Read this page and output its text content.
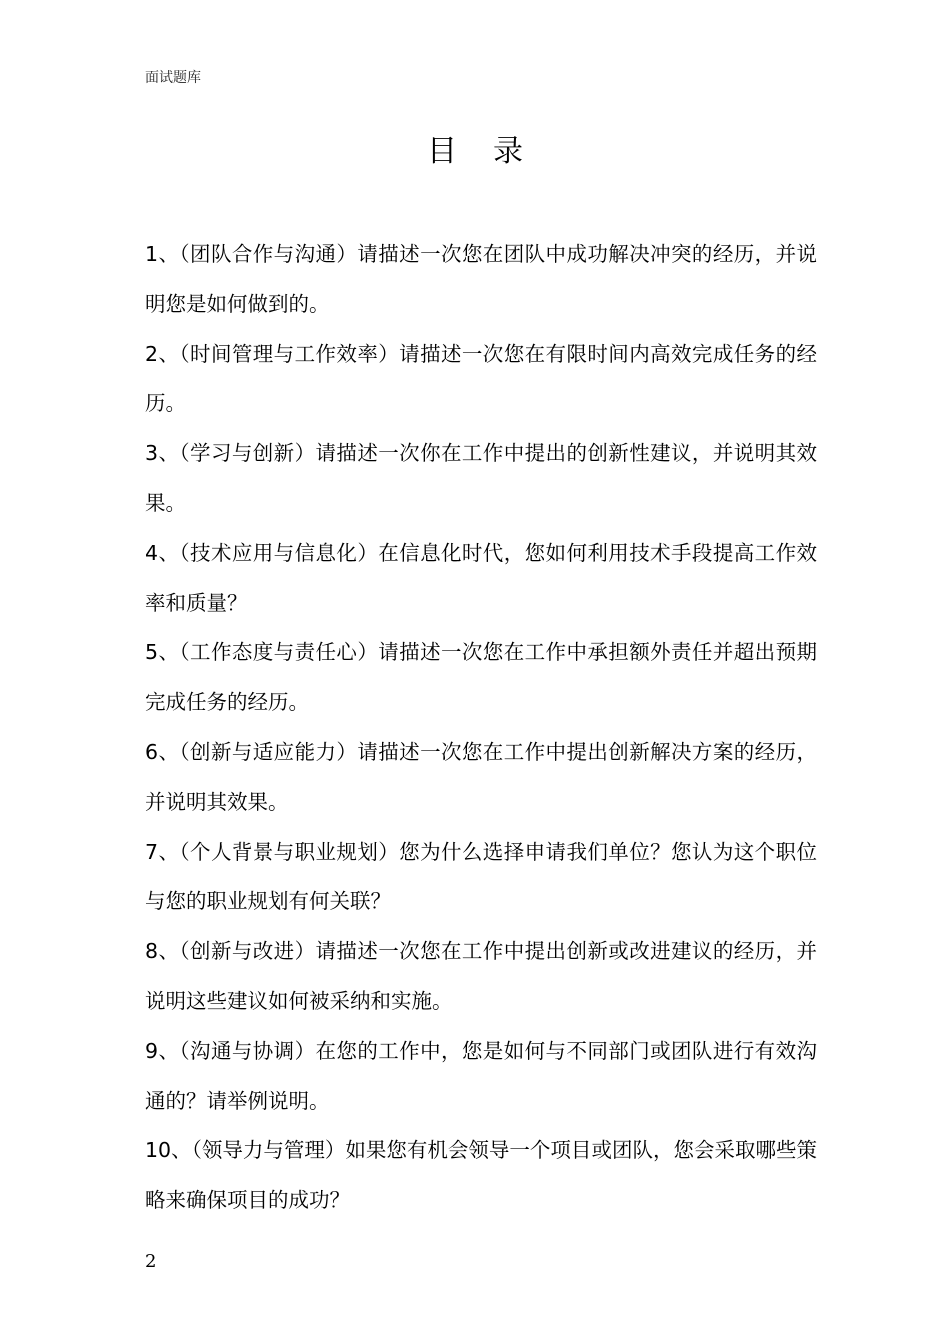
面试题库
目录
1、（团队合作与沟通）请描述一次您在团队中成功解决冲突的经历，并说明您是如何做到的。
2、（时间管理与工作效率）请描述一次您在有限时间内高效完成任务的经历。
3、（学习与创新）请描述一次你在工作中提出的创新性建议，并说明其效果。
4、（技术应用与信息化）在信息化时代，您如何利用技术手段提高工作效率和质量？
5、（工作态度与责任心）请描述一次您在工作中承担额外责任并超出预期完成任务的经历。
6、（创新与适应能力）请描述一次您在工作中提出创新解决方案的经历，并说明其效果。
7、（个人背景与职业规划）您为什么选择申请我们单位？您认为这个职位与您的职业规划有何关联？
8、（创新与改进）请描述一次您在工作中提出创新或改进建议的经历，并说明这些建议如何被采纳和实施。
9、（沟通与协调）在您的工作中，您是如何与不同部门或团队进行有效沟通的？请举例说明。
10、（领导力与管理）如果您有机会领导一个项目或团队，您会采取哪些策略来确保项目的成功？
2
